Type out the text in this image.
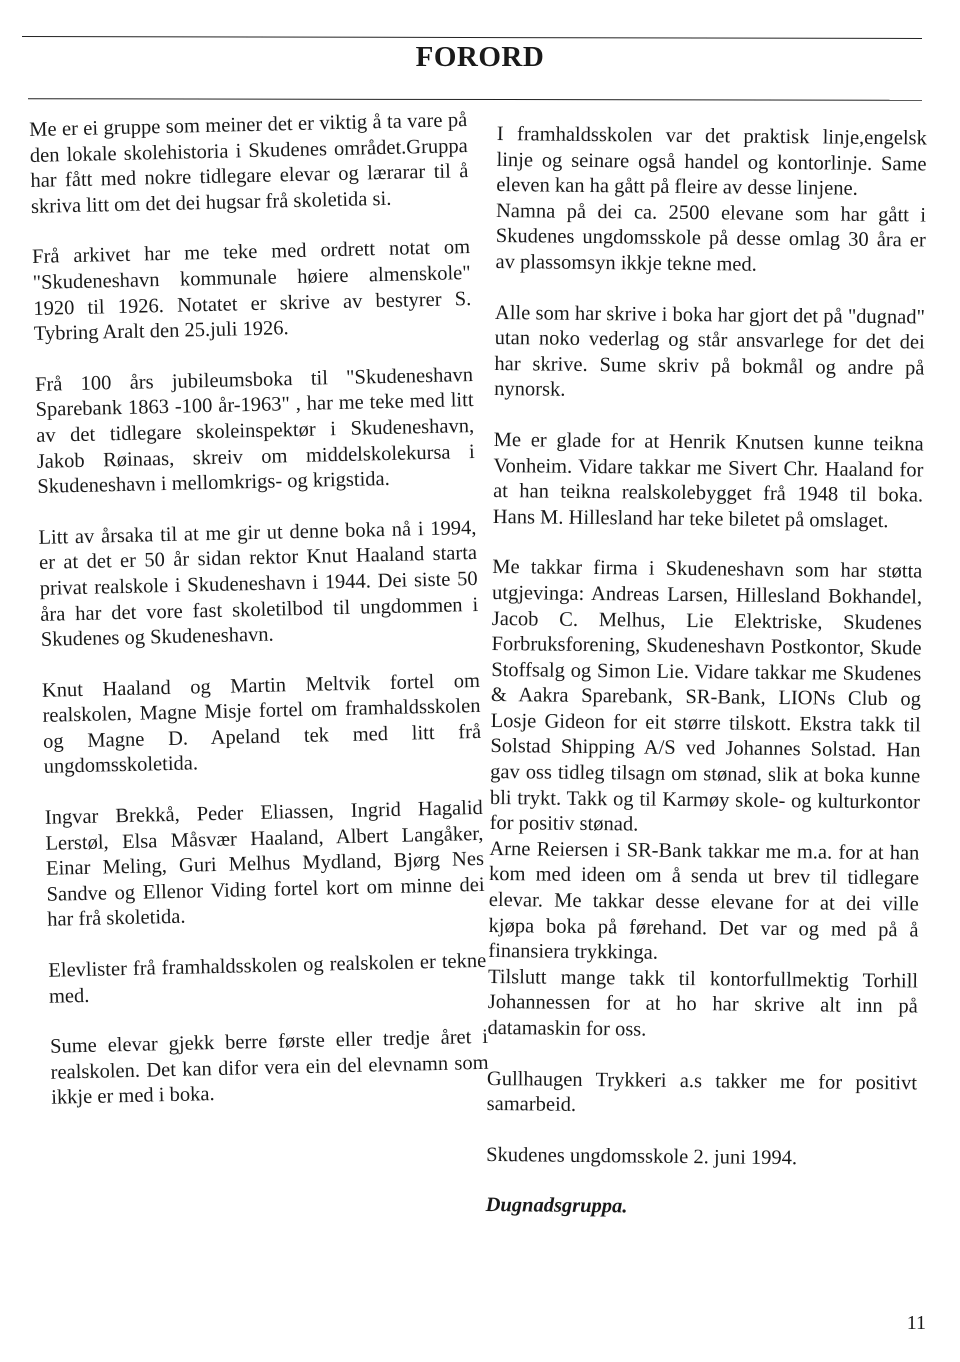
FORORD

Me er ei gruppe som meiner det er viktig å ta vare på den lokale skolehistoria i Skudenes området.Gruppa har fått med nokre tidlegare elevar og lærarar til å skriva litt om det dei hugsar frå skoletida si.

Frå arkivet har me teke med ordrett notat om "Skudeneshavn kommunale høiere almenskole" 1920 til 1926. Notatet er skrive av bestyrer S. Tybring Aralt den 25.juli 1926.

Frå 100 års jubileumsboka til "Skudeneshavn Sparebank 1863 -100 år-1963" , har me teke med litt av det tidlegare skoleinspektør i Skudeneshavn, Jakob Røinaas, skreiv om middelskolekursa i Skudeneshavn i mellomkrigs- og krigstida.

Litt av årsaka til at me gir ut denne boka nå i 1994, er at det er 50 år sidan rektor Knut Haaland starta privat realskole i Skudeneshavn i 1944. Dei siste 50 åra har det vore fast skoletilbod til ungdommen i Skudenes og Skudeneshavn.

Knut Haaland og Martin Meltvik fortel om realskolen, Magne Misje fortel om framhaldsskolen og Magne D. Apeland tek med litt frå ungdomsskoletida.

Ingvar Brekkå, Peder Eliassen, Ingrid Hagalid Lerstøl, Elsa Måsvær Haaland, Albert Langåker, Einar Meling, Guri Melhus Mydland, Bjørg Nes Sandve og Ellenor Viding fortel kort om minne dei har frå skoletida.

Elevlister frå framhaldsskolen og realskolen er tekne med.

Sume elevar gjekk berre første eller tredje året i realskolen. Det kan difor vera ein del elevnamn som ikkje er med i boka.

I framhaldsskolen var det praktisk linje,engelsk linje og seinare også handel og kontorlinje. Same eleven kan ha gått på fleire av desse linjene.

Namna på dei ca. 2500 elevane som har gått i Skudenes ungdomsskole på desse omlag 30 åra er av plassomsyn ikkje tekne med.

Alle som har skrive i boka har gjort det på "dugnad" utan noko vederlag og står ansvarlege for det dei har skrive. Sume skriv på bokmål og andre på nynorsk.

Me er glade for at Henrik Knutsen kunne teikna Vonheim. Vidare takkar me Sivert Chr. Haaland for at han teikna realskolebygget frå 1948 til boka. Hans M. Hillesland har teke biletet på omslaget.

Me takkar firma i Skudeneshavn som har støtta utgjevinga: Andreas Larsen, Hillesland Bokhandel, Jacob C. Melhus, Lie Elektriske, Skudenes Forbruksforening, Skudeneshavn Postkontor, Skude Stoffsalg og Simon Lie. Vidare takkar me Skudenes & Aakra Sparebank, SR-Bank, LIONs Club og Losje Gideon for eit større tilskott. Ekstra takk til Solstad Shipping A/S ved Johannes Solstad. Han gav oss tidleg tilsagn om stønad, slik at boka kunne bli trykt. Takk og til Karmøy skole- og kulturkontor for positiv stønad.

Arne Reiersen i SR-Bank takkar me m.a. for at han kom med ideen om å senda ut brev til tidlegare elevar. Me takkar desse elevane for at dei ville kjøpa boka på førehand. Det var og med på å finansiera trykkinga.

Tilslutt mange takk til kontorfullmektig Torhill Johannessen for at ho har skrive alt inn på datamaskin for oss.

Gullhaugen Trykkeri a.s takker me for positivt samarbeid.

Skudenes ungdomsskole 2. juni 1994.

Dugnadsgruppa.

11
